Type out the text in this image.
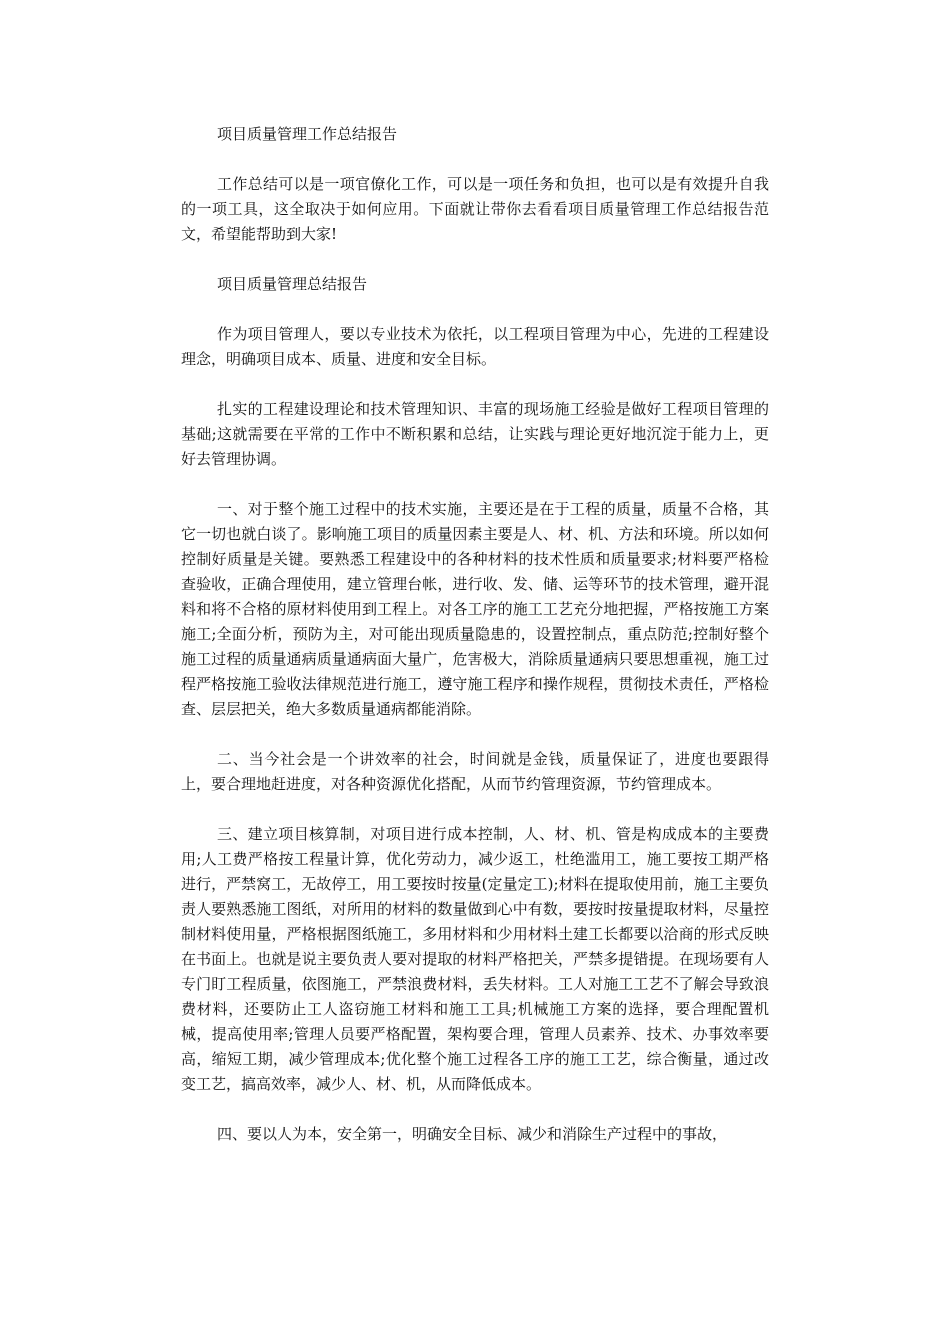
项目质量管理工作总结报告

工作总结可以是一项官僚化工作，可以是一项任务和负担，也可以是有效提升自我的一项工具，这全取决于如何应用。下面就让带你去看看项目质量管理工作总结报告范文，希望能帮助到大家!

项目质量管理总结报告

作为项目管理人，要以专业技术为依托，以工程项目管理为中心，先进的工程建设理念，明确项目成本、质量、进度和安全目标。

扎实的工程建设理论和技术管理知识、丰富的现场施工经验是做好工程项目管理的基础;这就需要在平常的工作中不断积累和总结，让实践与理论更好地沉淀于能力上，更好去管理协调。

一、对于整个施工过程中的技术实施，主要还是在于工程的质量，质量不合格，其它一切也就白谈了。影响施工项目的质量因素主要是人、材、机、方法和环境。所以如何控制好质量是关键。要熟悉工程建设中的各种材料的技术性质和质量要求;材料要严格检查验收，正确合理使用，建立管理台帐，进行收、发、储、运等环节的技术管理，避开混料和将不合格的原材料使用到工程上。对各工序的施工工艺充分地把握，严格按施工方案施工;全面分析，预防为主，对可能出现质量隐患的，设置控制点，重点防范;控制好整个施工过程的质量通病质量通病面大量广，危害极大，消除质量通病只要思想重视，施工过程严格按施工验收法律规范进行施工，遵守施工程序和操作规程，贯彻技术责任，严格检查、层层把关，绝大多数质量通病都能消除。

二、当今社会是一个讲效率的社会，时间就是金钱，质量保证了，进度也要跟得上，要合理地赶进度，对各种资源优化搭配，从而节约管理资源，节约管理成本。

三、建立项目核算制，对项目进行成本控制，人、材、机、管是构成成本的主要费用;人工费严格按工程量计算，优化劳动力，减少返工，杜绝滥用工，施工要按工期严格进行，严禁窝工，无故停工，用工要按时按量(定量定工);材料在提取使用前，施工主要负责人要熟悉施工图纸，对所用的材料的数量做到心中有数，要按时按量提取材料，尽量控制材料使用量，严格根据图纸施工，多用材料和少用材料土建工长都要以洽商的形式反映在书面上。也就是说主要负责人要对提取的材料严格把关，严禁多提错提。在现场要有人专门盯工程质量，依图施工，严禁浪费材料，丢失材料。工人对施工工艺不了解会导致浪费材料，还要防止工人盗窃施工材料和施工工具;机械施工方案的选择，要合理配置机械，提高使用率;管理人员要严格配置，架构要合理，管理人员素养、技术、办事效率要高，缩短工期，减少管理成本;优化整个施工过程各工序的施工工艺，综合衡量，通过改变工艺，搞高效率，减少人、材、机，从而降低成本。

四、要以人为本，安全第一，明确安全目标、减少和消除生产过程中的事故，
